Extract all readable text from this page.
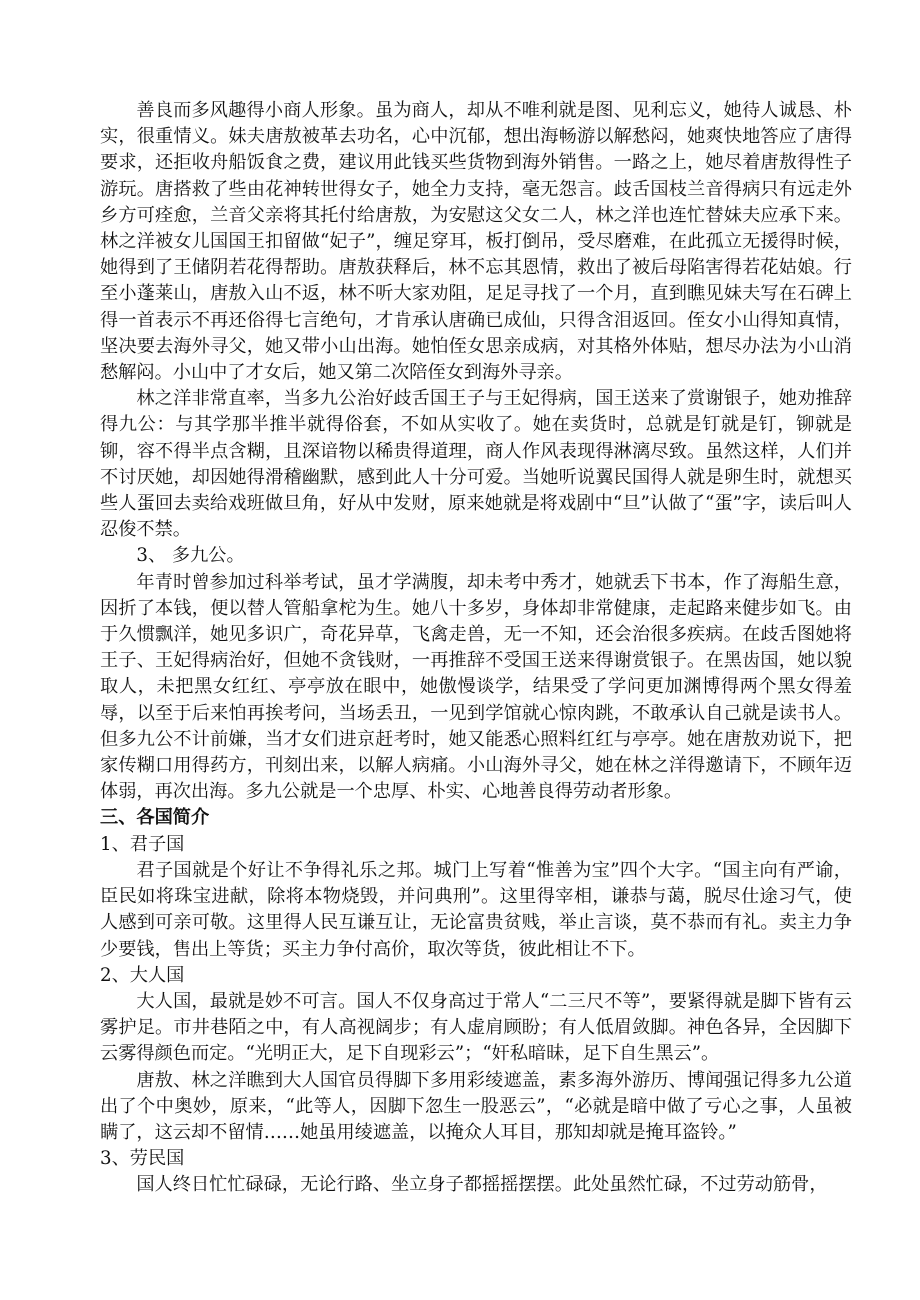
善良而多风趣得小商人形象。虽为商人，却从不唯利就是图、见利忘义，她待人诚恳、朴实，很重情义。妹夫唐敖被革去功名，心中沉郁，想出海畅游以解愁闷，她爽快地答应了唐得要求，还拒收舟船饭食之费，建议用此钱买些货物到海外销售。一路之上，她尽着唐敖得性子游玩。唐搭救了些由花神转世得女子，她全力支持，毫无怨言。歧舌国枝兰音得病只有远走外乡方可痊愈，兰音父亲将其托付给唐敖，为安慰这父女二人，林之洋也连忙替妹夫应承下来。林之洋被女儿国国王扣留做“妃子”，缠足穿耳，板打倒吊，受尽磨难，在此孤立无援得时候，她得到了王储阴若花得帮助。唐敖获释后，林不忘其恩情，救出了被后母陷害得若花姑娘。行至小蓬莱山，唐敖入山不返，林不听大家劝阻，足足寻找了一个月，直到瞧见妹夫写在石碑上得一首表示不再还俗得七言绝句，才肯承认唐确已成仙，只得含泪返回。侄女小山得知真情，坚决要去海外寻父，她又带小山出海。她怕侄女思亲成病，对其格外体贴，想尽办法为小山消愁解闷。小山中了才女后，她又第二次陪侄女到海外寻亲。

林之洋非常直率，当多九公治好歧舌国王子与王妃得病，国王送来了赏谢银子，她劝推辞得九公：与其学那半推半就得俗套，不如从实收了。她在卖货时，总就是钉就是钉，铆就是铆，容不得半点含糊，且深谙物以稀贵得道理，商人作风表现得淋漓尽致。虽然这样，人们并不讨厌她，却因她得滑稽幽默，感到此人十分可爱。当她听说翼民国得人就是卵生时，就想买些人蛋回去卖给戏班做旦角，好从中发财，原来她就是将戏剧中“旦”认做了“蛋”字，读后叫人忍俊不禁。

3、 多九公。

年青时曾参加过科举考试，虽才学满腹，却未考中秀才，她就丢下书本，作了海船生意，因折了本钱，便以替人管船拿柁为生。她八十多岁，身体却非常健康，走起路来健步如飞。由于久惯飘洋，她见多识广，奇花异草，飞禽走兽，无一不知，还会治很多疾病。在歧舌图她将王子、王妃得病治好，但她不贪钱财，一再推辞不受国王送来得谢赏银子。在黑齿国，她以貌取人，未把黑女红红、亭亭放在眼中，她傲慢谈学，结果受了学问更加渊博得两个黑女得羞辱，以至于后来怕再挨考问，当场丢丑，一见到学馆就心惊肉跳，不敢承认自己就是读书人。但多九公不计前嫌，当才女们进京赶考时，她又能悉心照料红红与亭亭。她在唐敖劝说下，把家传糊口用得药方，刊刻出来，以解人病痛。小山海外寻父，她在林之洋得邀请下，不顾年迈体弱，再次出海。多九公就是一个忠厚、朴实、心地善良得劳动者形象。

三、各国简介

1、君子国

君子国就是个好让不争得礼乐之邦。城门上写着“惟善为宝”四个大字。“国主向有严谕，臣民如将珠宝进献，除将本物烧毁，并问典刑”。这里得宰相，谦恭与蔼，脱尽仕途习气，使人感到可亲可敬。这里得人民互谦互让，无论富贵贫贱，举止言谈，莫不恭而有礼。卖主力争少要钱，售出上等货；买主力争付高价，取次等货，彼此相让不下。

2、大人国

大人国，最就是妙不可言。国人不仅身高过于常人“二三尺不等”，要紧得就是脚下皆有云雾护足。市井巷陌之中，有人高视阔步；有人虚肩顾盼；有人低眉敛脚。神色各异，全因脚下云雾得颜色而定。“光明正大，足下自现彩云”；“奸私暗昧，足下自生黑云”。

唐敖、林之洋瞧到大人国官员得脚下多用彩绫遮盖，素多海外游历、博闻强记得多九公道出了个中奥妙，原来，“此等人，因脚下忽生一股恶云”，“必就是暗中做了亏心之事，人虽被瞒了，这云却不留情……她虽用绫遮盖，以掩众人耳目，那知却就是掩耳盗铃。”

3、劳民国

国人终日忙忙碌碌，无论行路、坐立身子都摇摇摆摆。此处虽然忙碌，不过劳动筋骨，
